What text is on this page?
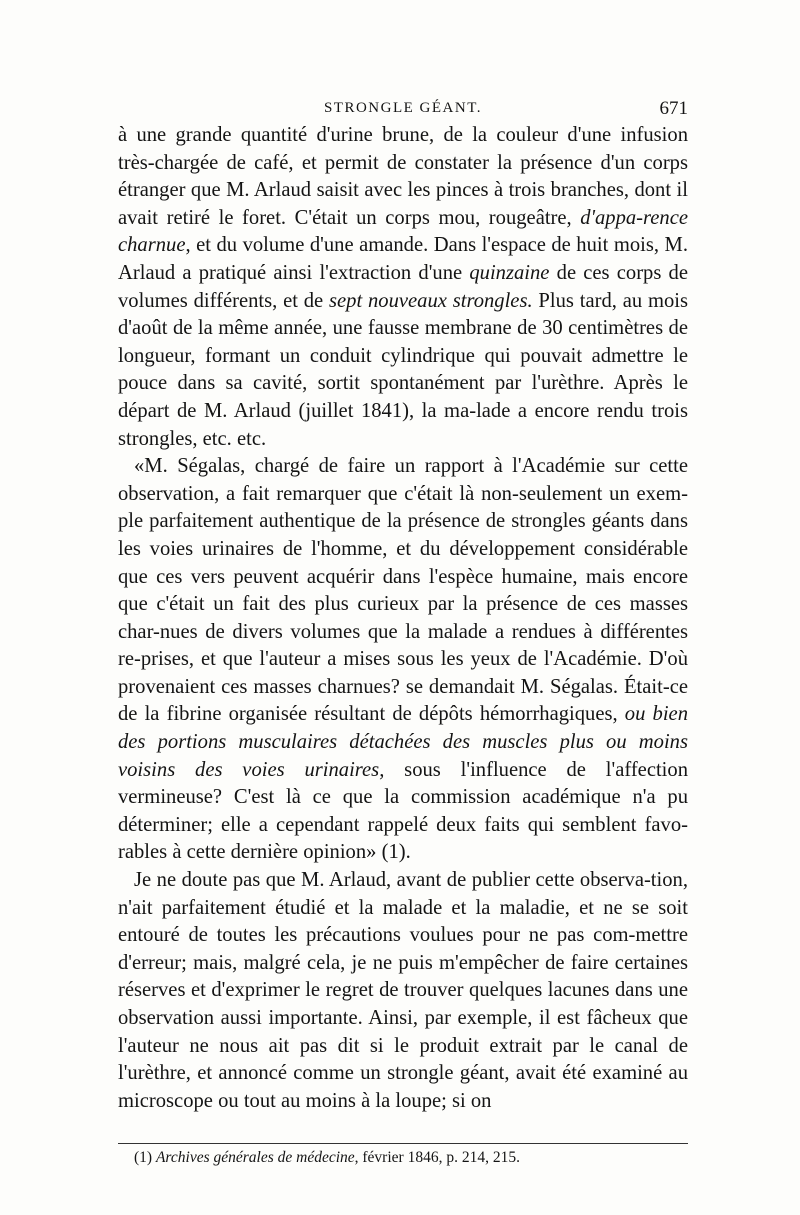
STRONGLE GÉANT.	671

à une grande quantité d'urine brune, de la couleur d'une infusion très-chargée de café, et permit de constater la présence d'un corps étranger que M. Arlaud saisit avec les pinces à trois branches, dont il avait retiré le foret. C'était un corps mou, rougeâtre, d'appa-rence charnue, et du volume d'une amande. Dans l'espace de huit mois, M. Arlaud a pratiqué ainsi l'extraction d'une quinzaine de ces corps de volumes différents, et de sept nouveaux strongles. Plus tard, au mois d'août de la même année, une fausse membrane de 30 centimètres de longueur, formant un conduit cylindrique qui pouvait admettre le pouce dans sa cavité, sortit spontanément par l'urèthre. Après le départ de M. Arlaud (juillet 1841), la ma-lade a encore rendu trois strongles, etc. etc.

«M. Ségalas, chargé de faire un rapport à l'Académie sur cette observation, a fait remarquer que c'était là non-seulement un exem-ple parfaitement authentique de la présence de strongles géants dans les voies urinaires de l'homme, et du développement considérable que ces vers peuvent acquérir dans l'espèce humaine, mais encore que c'était un fait des plus curieux par la présence de ces masses char-nues de divers volumes que la malade a rendues à différentes re-prises, et que l'auteur a mises sous les yeux de l'Académie. D'où provenaient ces masses charnues? se demandait M. Ségalas. Était-ce de la fibrine organisée résultant de dépôts hémorrhagiques, ou bien des portions musculaires détachées des muscles plus ou moins voisins des voies urinaires, sous l'influence de l'affection vermineuse? C'est là ce que la commission académique n'a pu déterminer; elle a cependant rappelé deux faits qui semblent favo-rables à cette dernière opinion» (1).

Je ne doute pas que M. Arlaud, avant de publier cette observa-tion, n'ait parfaitement étudié et la malade et la maladie, et ne se soit entouré de toutes les précautions voulues pour ne pas com-mettre d'erreur; mais, malgré cela, je ne puis m'empêcher de faire certaines réserves et d'exprimer le regret de trouver quelques lacunes dans une observation aussi importante. Ainsi, par exemple, il est fâcheux que l'auteur ne nous ait pas dit si le produit extrait par le canal de l'urèthre, et annoncé comme un strongle géant, avait été examiné au microscope ou tout au moins à la loupe; si on

(1) Archives générales de médecine, février 1846, p. 214, 215.
